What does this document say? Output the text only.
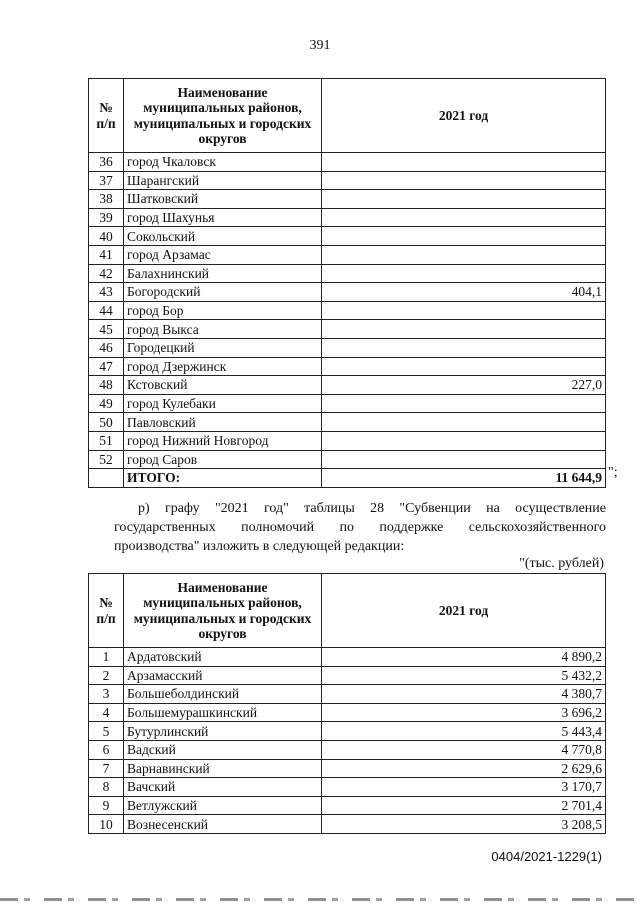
391
№ п/п	Наименование муниципальных районов, муниципальных и городских округов	2021 год
36	город Чкаловск	
37	Шарангский	
38	Шатковский	
39	город Шахунья	
40	Сокольский	
41	город Арзамас	
42	Балахнинский	
43	Богородский	404,1
44	город Бор	
45	город Выкса	
46	Городецкий	
47	город Дзержинск	
48	Кстовский	227,0
49	город Кулебаки	
50	Павловский	
51	город Нижний Новгород	
52	город Саров	
	ИТОГО:	11 644,9 ";
р) графу "2021 год" таблицы 28 "Субвенции на осуществление
государственных полномочий по поддержке сельскохозяйственного
производства" изложить в следующей редакции:
"(тыс. рублей)
№ п/п	Наименование муниципальных районов, муниципальных и городских округов	2021 год
1	Ардатовский	4 890,2
2	Арзамасский	5 432,2
3	Большеболдинский	4 380,7
4	Большемурашкинский	3 696,2
5	Бутурлинский	5 443,4
6	Вадский	4 770,8
7	Варнавинский	2 629,6
8	Вачский	3 170,7
9	Ветлужский	2 701,4
10	Вознесенский	3 208,5
0404/2021-1229(1)
